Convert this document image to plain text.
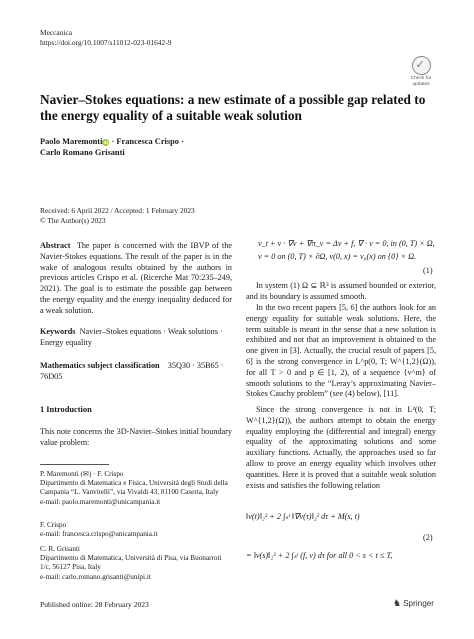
Meccanica
https://doi.org/10.1007/s11012-023-01642-9
✓
Check for
updates
Navier–Stokes equations: a new estimate of a possible gap related to the energy equality of a suitable weak solution
Paolo MaremontiiD · Francesca Crispo ·
Carlo Romano Grisanti
Received: 6 April 2022 / Accepted: 1 February 2023
© The Author(s) 2023
Abstract The paper is concerned with the IBVP of the Navier-Stokes equations. The result of the paper is in the wake of analogous results obtained by the authors in previous articles Crispo et al. (Ricerche Mat 70:235–249, 2021). The goal is to estimate the possible gap between the energy equality and the energy inequality deduced for a weak solution.
Keywords Navier–Stokes equations · Weak solutions · Energy equality
Mathematics subject classification 35Q30 · 35B65 · 76D05
1 Introduction
This note concerns the 3D-Navier–Stokes initial boundary value problem:
P. Maremonti (✉) · F. Crispo
Dipartimento di Matematica e Fisica, Università degli Studi della Campania “L. Vanvitelli”, via Vivaldi 43, 81100 Caserta, Italy
e-mail: paolo.maremonti@unicampania.it
F. Crispo
e-mail: francesca.crispo@unicampania.it
C. R. Grisanti
Dipartimento di Matematica, Università di Pisa, via Buonarroti 1/c, 56127 Pisa, Italy
e-mail: carlo.romano.grisanti@unipi.it
v_t + v · ∇v + ∇π_v = Δv + f, ∇ · v = 0, in (0, T) × Ω,
v = 0 on (0, T) × ∂Ω, v(0, x) = v₀(x) on {0} × Ω.
(1)
In system (1) Ω ⊆ ℝ³ is assumed bounded or exterior, and its boundary is assumed smooth.
In the two recent papers [5, 6] the authors look for an energy equality for suitable weak solutions. Here, the term suitable is meant in the sense that a new solution is exhibited and not that an improvement is obtained to the one given in [3]. Actually, the crucial result of papers [5, 6] is the strong convergence in L^p(0, T; W^{1,2}(Ω)), for all T > 0 and p ∈ [1, 2), of a sequence {v^m} of smooth solutions to the “Leray’s approximating Navier–Stokes Cauchy problem” (see (4) below), [11].
Since the strong convergence is not in L²(0, T; W^{1,2}(Ω)), the authors attempt to obtain the energy equality employing the (differential and integral) energy equality of the approximating solutions and some auxiliary functions. Actually, the approaches used so far allow to prove an energy equality which involves other quantities. Here it is proved that a suitable weak solution exists and satisfies the following relation
‖v(t)‖₂² + 2 ∫ₛᵗ ‖∇v(τ)‖₂² dτ + M(s, t)
(2)
= ‖v(s)‖₂² + 2 ∫ₛᵗ (f, v) dτ for all 0 < s < t ≤ T,
Published online: 28 February 2023	♞ Springer
